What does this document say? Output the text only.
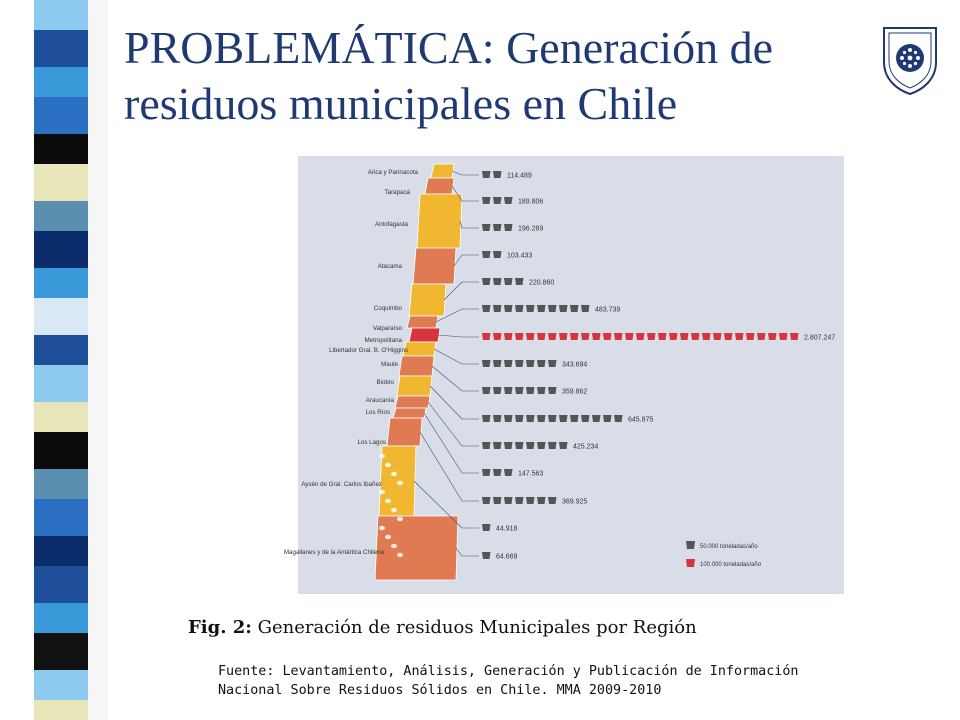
PROBLEMÁTICA: Generación de
residuos municipales en Chile
Arica y Parinacota
Tarapacá
Antofagasta
Atacama
Coquimbo
Valparaíso
Metropolitana
Libertador Gral. B. O'Higgins
Maule
Biobío
Araucanía
Los Ríos
Los Lagos
Aysén de Gral. Carlos Ibañez
Magallanes y de la Antártica Chilena
114.489
189.806
196.289
103.433
220.860
483.739
2.807.247
343.694
359.862
645.875
425.234
147.563
369.925
44.918
64.669
50.000 toneladas/año
100.000 toneladas/año
Fig. 2: Generación de residuos Municipales por Región
Fuente: Levantamiento, Análisis, Generación y Publicación de Información
Nacional Sobre Residuos Sólidos en Chile. MMA 2009-2010
